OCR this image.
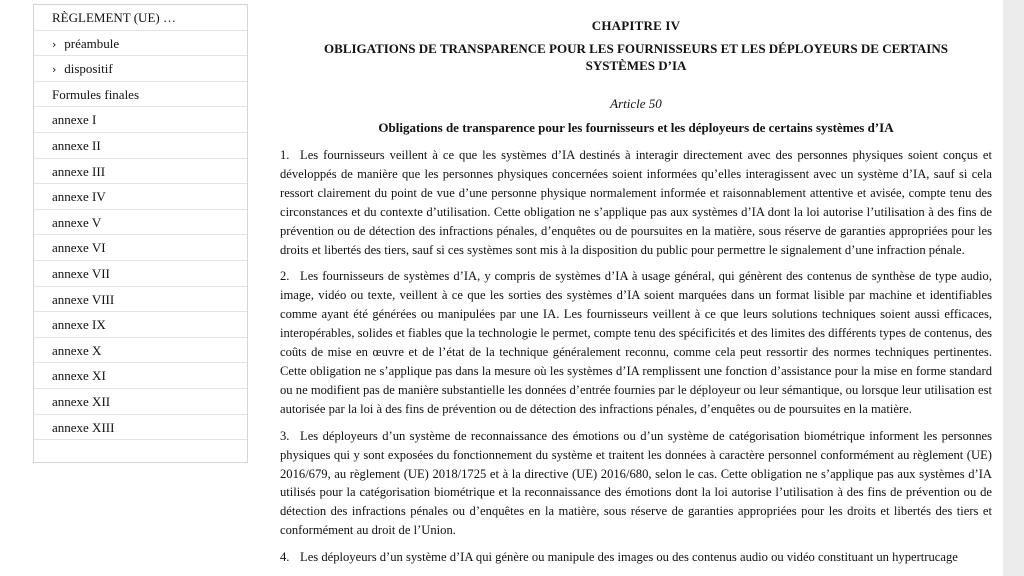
RÈGLEMENT (UE) …
› préambule
› dispositif
Formules finales
annexe I
annexe II
annexe III
annexe IV
annexe V
annexe VI
annexe VII
annexe VIII
annexe IX
annexe X
annexe XI
annexe XII
annexe XIII
CHAPITRE IV
OBLIGATIONS DE TRANSPARENCE POUR LES FOURNISSEURS ET LES DÉPLOYEURS DE CERTAINS SYSTÈMES D’IA
Article 50
Obligations de transparence pour les fournisseurs et les déployeurs de certains systèmes d’IA

1. Les fournisseurs veillent à ce que les systèmes d’IA destinés à interagir directement avec des personnes physiques soient conçus et développés de manière que les personnes physiques concernées soient informées qu’elles interagissent avec un système d’IA, sauf si cela ressort clairement du point de vue d’une personne physique normalement informée et raisonnablement attentive et avisée, compte tenu des circonstances et du contexte d’utilisation. Cette obligation ne s’applique pas aux systèmes d’IA dont la loi autorise l’utilisation à des fins de prévention ou de détection des infractions pénales, d’enquêtes ou de poursuites en la matière, sous réserve de garanties appropriées pour les droits et libertés des tiers, sauf si ces systèmes sont mis à la disposition du public pour permettre le signalement d’une infraction pénale.

2. Les fournisseurs de systèmes d’IA, y compris de systèmes d’IA à usage général, qui génèrent des contenus de synthèse de type audio, image, vidéo ou texte, veillent à ce que les sorties des systèmes d’IA soient marquées dans un format lisible par machine et identifiables comme ayant été générées ou manipulées par une IA. Les fournisseurs veillent à ce que leurs solutions techniques soient aussi efficaces, interopérables, solides et fiables que la technologie le permet, compte tenu des spécificités et des limites des différents types de contenus, des coûts de mise en œuvre et de l’état de la technique généralement reconnu, comme cela peut ressortir des normes techniques pertinentes. Cette obligation ne s’applique pas dans la mesure où les systèmes d’IA remplissent une fonction d’assistance pour la mise en forme standard ou ne modifient pas de manière substantielle les données d’entrée fournies par le déployeur ou leur sémantique, ou lorsque leur utilisation est autorisée par la loi à des fins de prévention ou de détection des infractions pénales, d’enquêtes ou de poursuites en la matière.

3. Les déployeurs d’un système de reconnaissance des émotions ou d’un système de catégorisation biométrique informent les personnes physiques qui y sont exposées du fonctionnement du système et traitent les données à caractère personnel conformément au règlement (UE) 2016/679, au règlement (UE) 2018/1725 et à la directive (UE) 2016/680, selon le cas. Cette obligation ne s’applique pas aux systèmes d’IA utilisés pour la catégorisation biométrique et la reconnaissance des émotions dont la loi autorise l’utilisation à des fins de prévention ou de détection des infractions pénales ou d’enquêtes en la matière, sous réserve de garanties appropriées pour les droits et libertés des tiers et conformément au droit de l’Union.

4. Les déployeurs d’un système d’IA qui génère ou manipule des images ou des contenus audio ou vidéo constituant un hypertrucage
